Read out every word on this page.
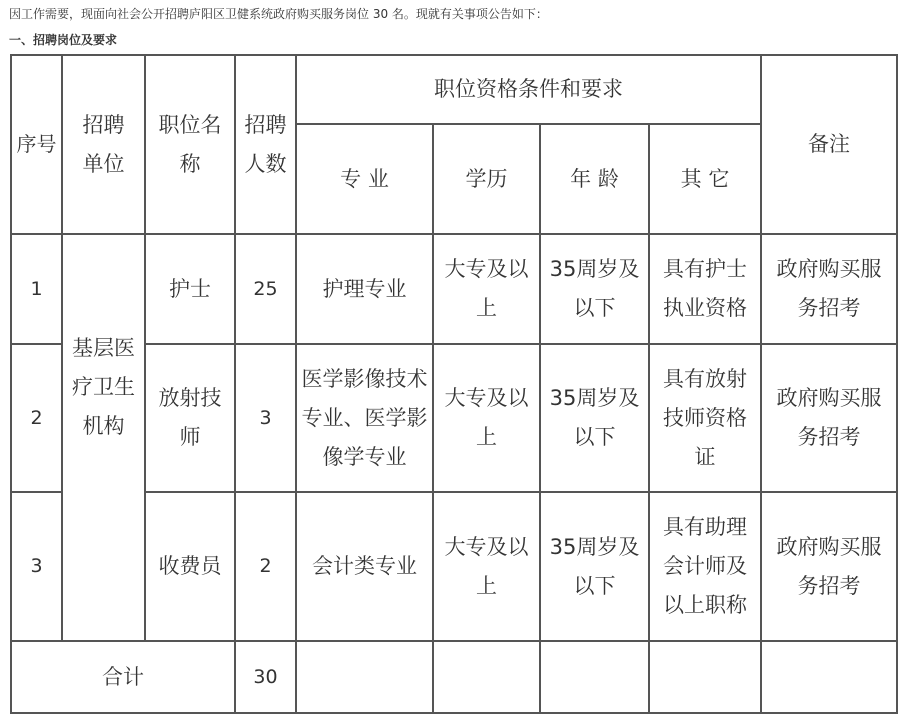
因工作需要，现面向社会公开招聘庐阳区卫健系统政府购买服务岗位 30 名。现就有关事项公告如下：
一、招聘岗位及要求
序号	招聘单位	职位名称	招聘人数	职位资格条件和要求				备注

				专 业	学历	年 龄	其 它	

1	基层医疗卫生机构	护士	25	护理专业	大专及以上	35周岁及以下	具有护士执业资格	政府购买服务招考

2		放射技师	3	医学影像技术专业、医学影像学专业	大专及以上	35周岁及以下	具有放射技师资格证	政府购买服务招考

3		收费员	2	会计类专业	大专及以上	35周岁及以下	具有助理会计师及以上职称	政府购买服务招考

合计			30					
